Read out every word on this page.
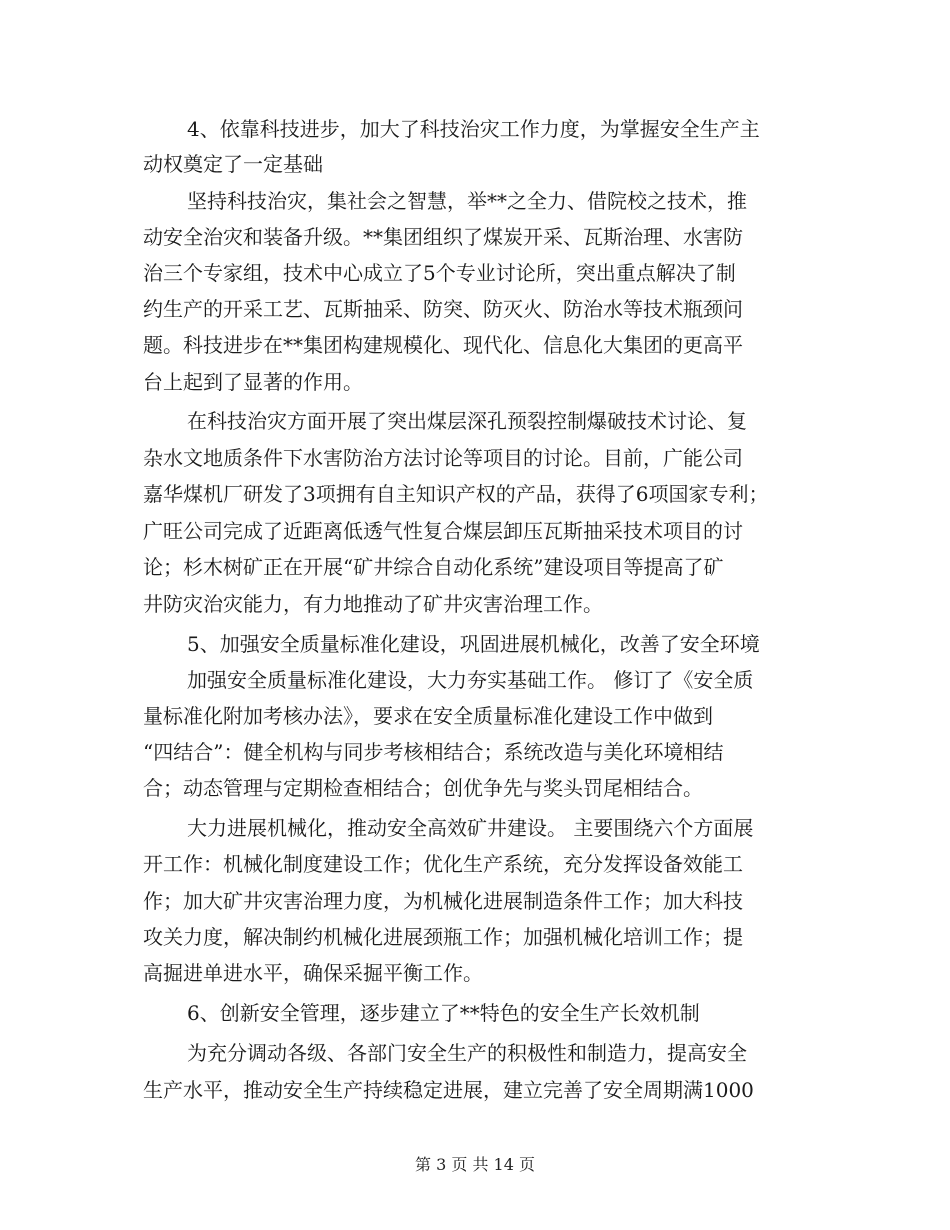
4、依靠科技进步，加大了科技治灾工作力度，为掌握安全生产主
动权奠定了一定基础
坚持科技治灾，集社会之智慧，举**之全力、借院校之技术，推
动安全治灾和装备升级。**集团组织了煤炭开采、瓦斯治理、水害防
治三个专家组，技术中心成立了5个专业讨论所，突出重点解决了制
约生产的开采工艺、瓦斯抽采、防突、防灭火、防治水等技术瓶颈问
题。科技进步在**集团构建规模化、现代化、信息化大集团的更高平
台上起到了显著的作用。
在科技治灾方面开展了突出煤层深孔预裂控制爆破技术讨论、复
杂水文地质条件下水害防治方法讨论等项目的讨论。目前，广能公司
嘉华煤机厂研发了3项拥有自主知识产权的产品，获得了6项国家专利；
广旺公司完成了近距离低透气性复合煤层卸压瓦斯抽采技术项目的讨
论；杉木树矿正在开展“矿井综合自动化系统”建设项目等提高了矿
井防灾治灾能力，有力地推动了矿井灾害治理工作。
5、加强安全质量标准化建设，巩固进展机械化，改善了安全环境
加强安全质量标准化建设，大力夯实基础工作。 修订了《安全质
量标准化附加考核办法》，要求在安全质量标准化建设工作中做到
“四结合”：健全机构与同步考核相结合；系统改造与美化环境相结
合；动态管理与定期检查相结合；创优争先与奖头罚尾相结合。
大力进展机械化，推动安全高效矿井建设。 主要围绕六个方面展
开工作：机械化制度建设工作；优化生产系统，充分发挥设备效能工
作；加大矿井灾害治理力度，为机械化进展制造条件工作；加大科技
攻关力度，解决制约机械化进展颈瓶工作；加强机械化培训工作；提
高掘进单进水平，确保采掘平衡工作。
6、创新安全管理，逐步建立了**特色的安全生产长效机制
为充分调动各级、各部门安全生产的积极性和制造力，提高安全
生产水平，推动安全生产持续稳定进展，建立完善了安全周期满1000
第 3 页 共 14 页
